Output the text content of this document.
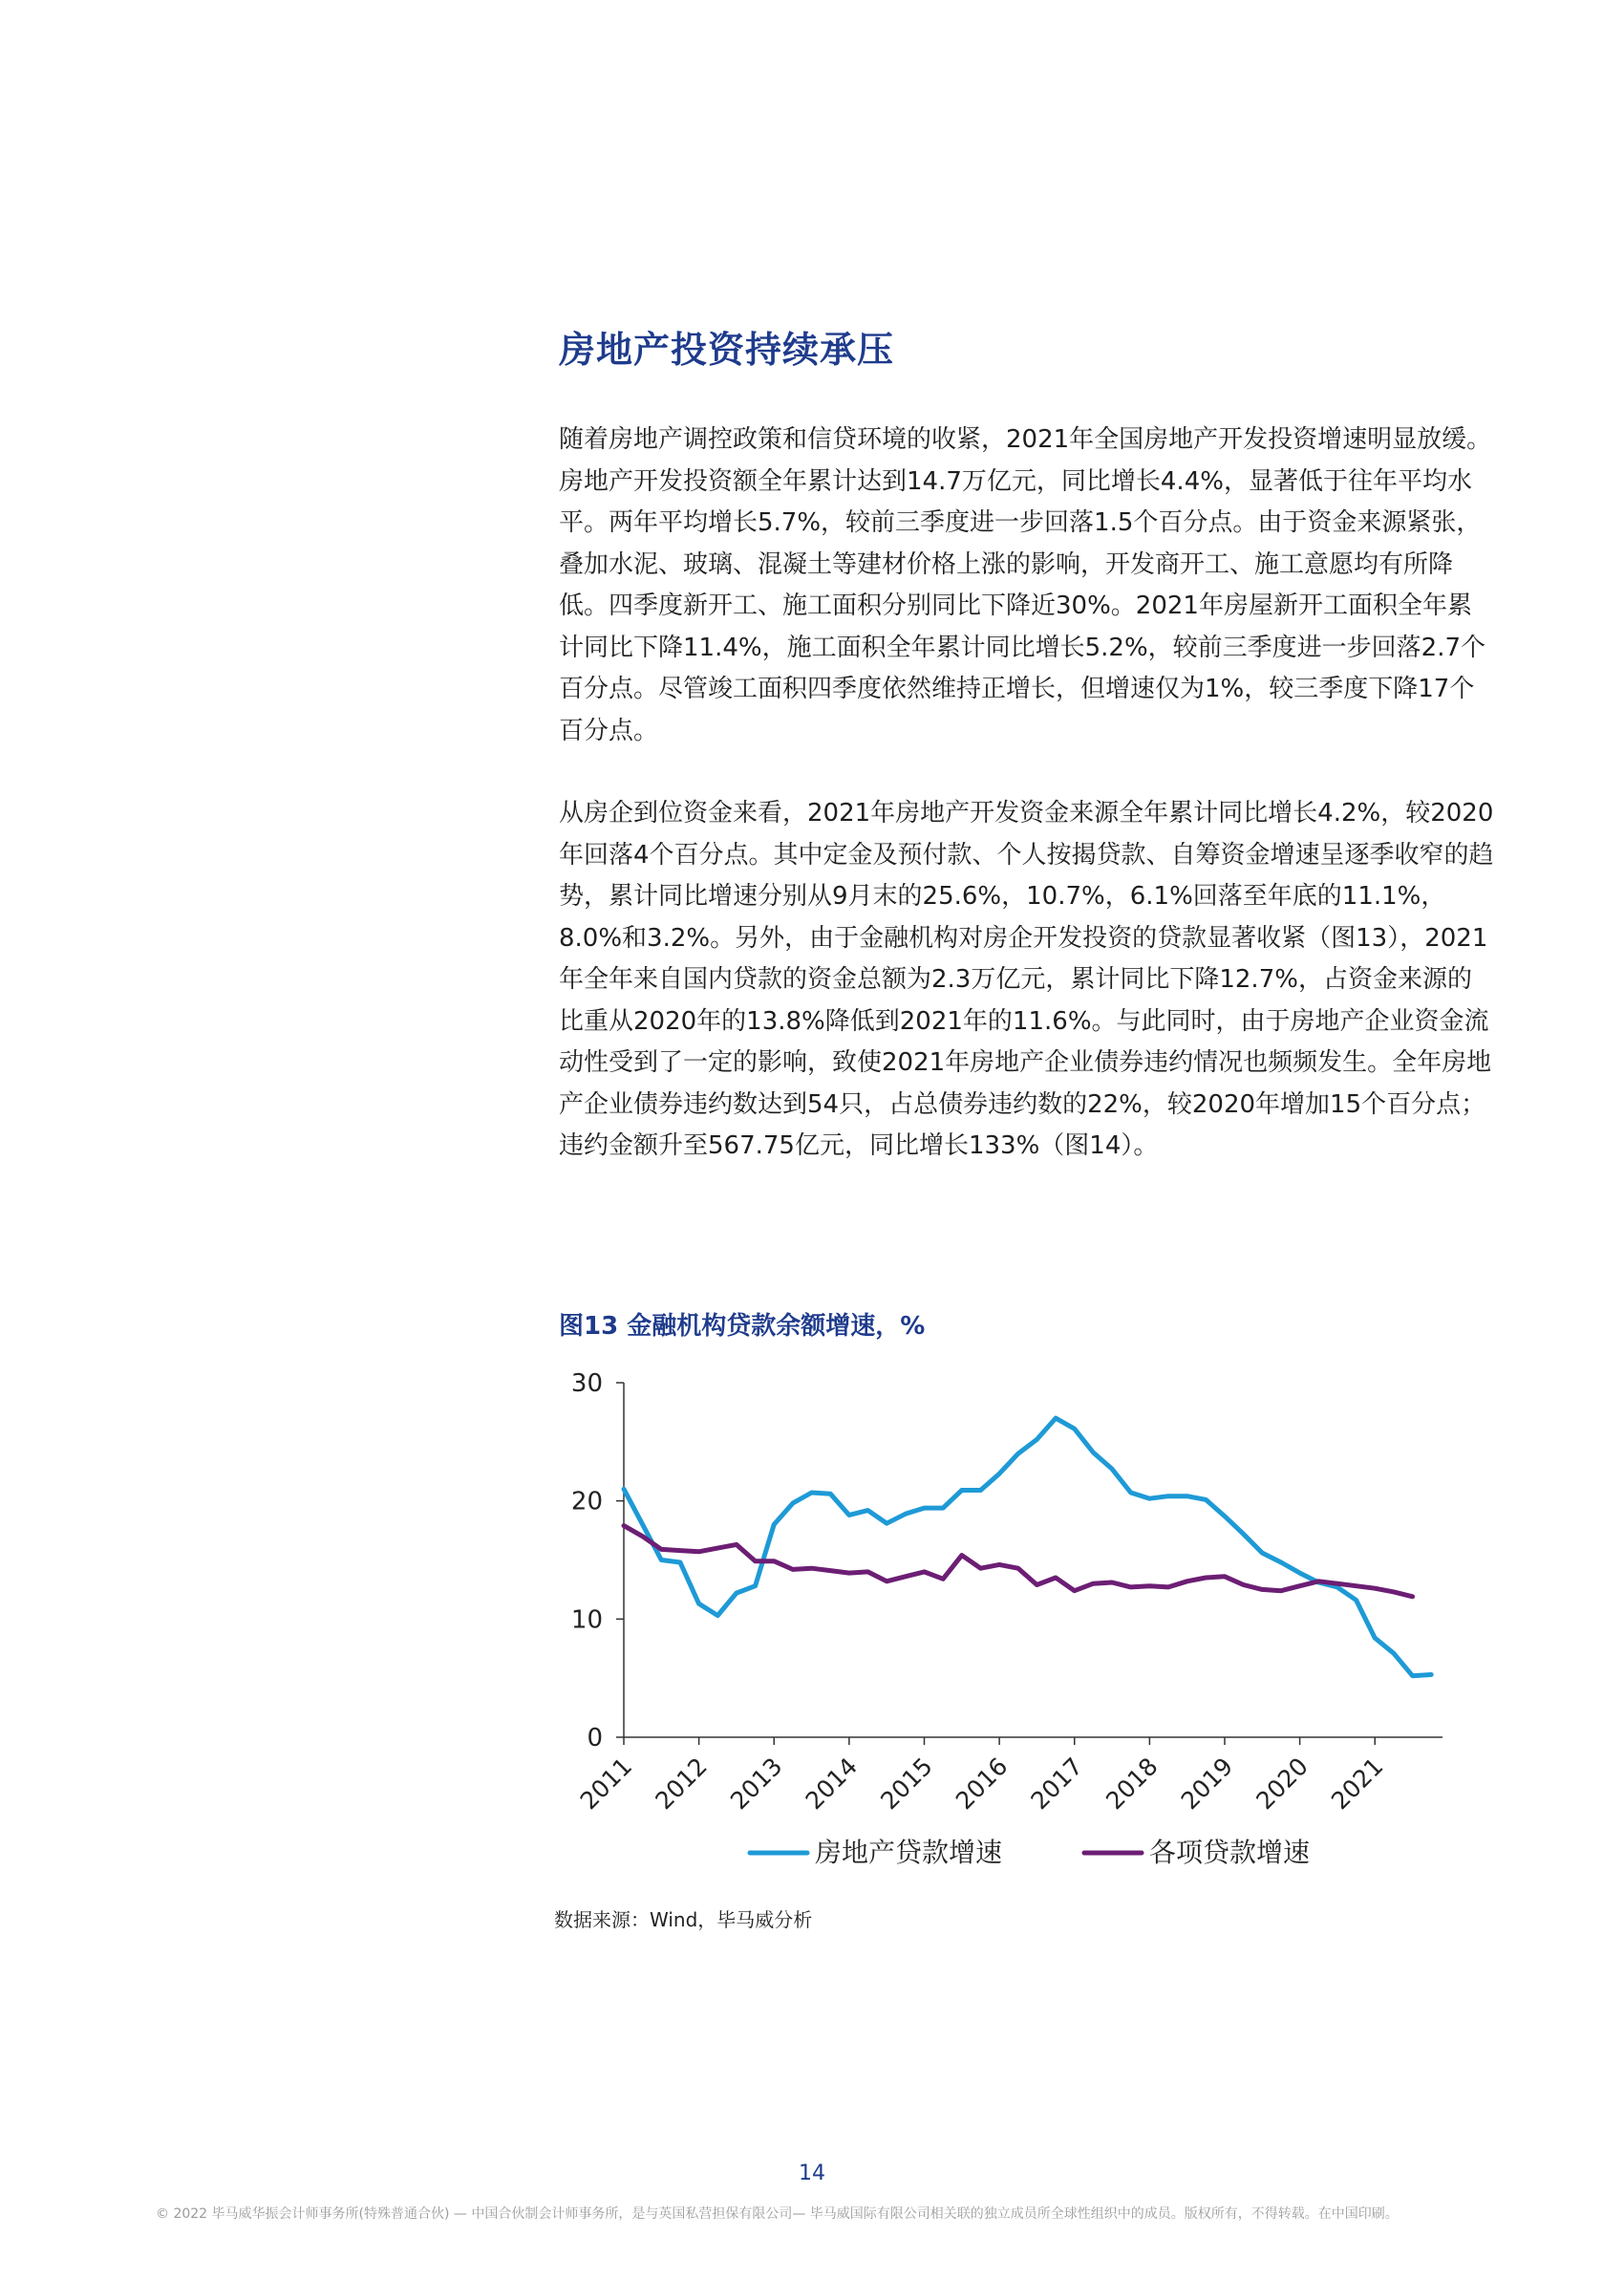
房地产投资持续承压

随着房地产调控政策和信贷环境的收紧，2021年全国房地产开发投资增速明显放缓。房地产开发投资额全年累计达到14.7万亿元，同比增长4.4%，显著低于往年平均水平。两年平均增长5.7%，较前三季度进一步回落1.5个百分点。由于资金来源紧张，叠加水泥、玻璃、混凝土等建材价格上涨的影响，开发商开工、施工意愿均有所降低。四季度新开工、施工面积分别同比下降近30%。2021年房屋新开工面积全年累计同比下降11.4%，施工面积全年累计同比增长5.2%，较前三季度进一步回落2.7个百分点。尽管竣工面积四季度依然维持正增长，但增速仅为1%，较三季度下降17个百分点。

从房企到位资金来看，2021年房地产开发资金来源全年累计同比增长4.2%，较2020年回落4个百分点。其中定金及预付款、个人按揭贷款、自筹资金增速呈逐季收窄的趋势，累计同比增速分别从9月末的25.6%，10.7%，6.1%回落至年底的11.1%，8.0%和3.2%。另外，由于金融机构对房企开发投资的贷款显著收紧（图13），2021年全年来自国内贷款的资金总额为2.3万亿元，累计同比下降12.7%，占资金来源的比重从2020年的13.8%降低到2021年的11.6%。与此同时，由于房地产企业资金流动性受到了一定的影响，致使2021年房地产企业债券违约情况也频频发生。全年房地产企业债券违约数达到54只，占总债券违约数的22%，较2020年增加15个百分点；违约金额升至567.75亿元，同比增长133%（图14）。

图13 金融机构贷款余额增速，%
0
10
20
30
2011 2012 2013 2014 2015 2016 2017 2018 2019 2020 2021
房地产贷款增速	各项贷款增速
数据来源：Wind，毕马威分析
14
© 2022 毕马威华振会计师事务所(特殊普通合伙) — 中国合伙制会计师事务所，是与英国私营担保有限公司— 毕马威国际有限公司相关联的独立成员所全球性组织中的成员。版权所有，不得转载。在中国印刷。
